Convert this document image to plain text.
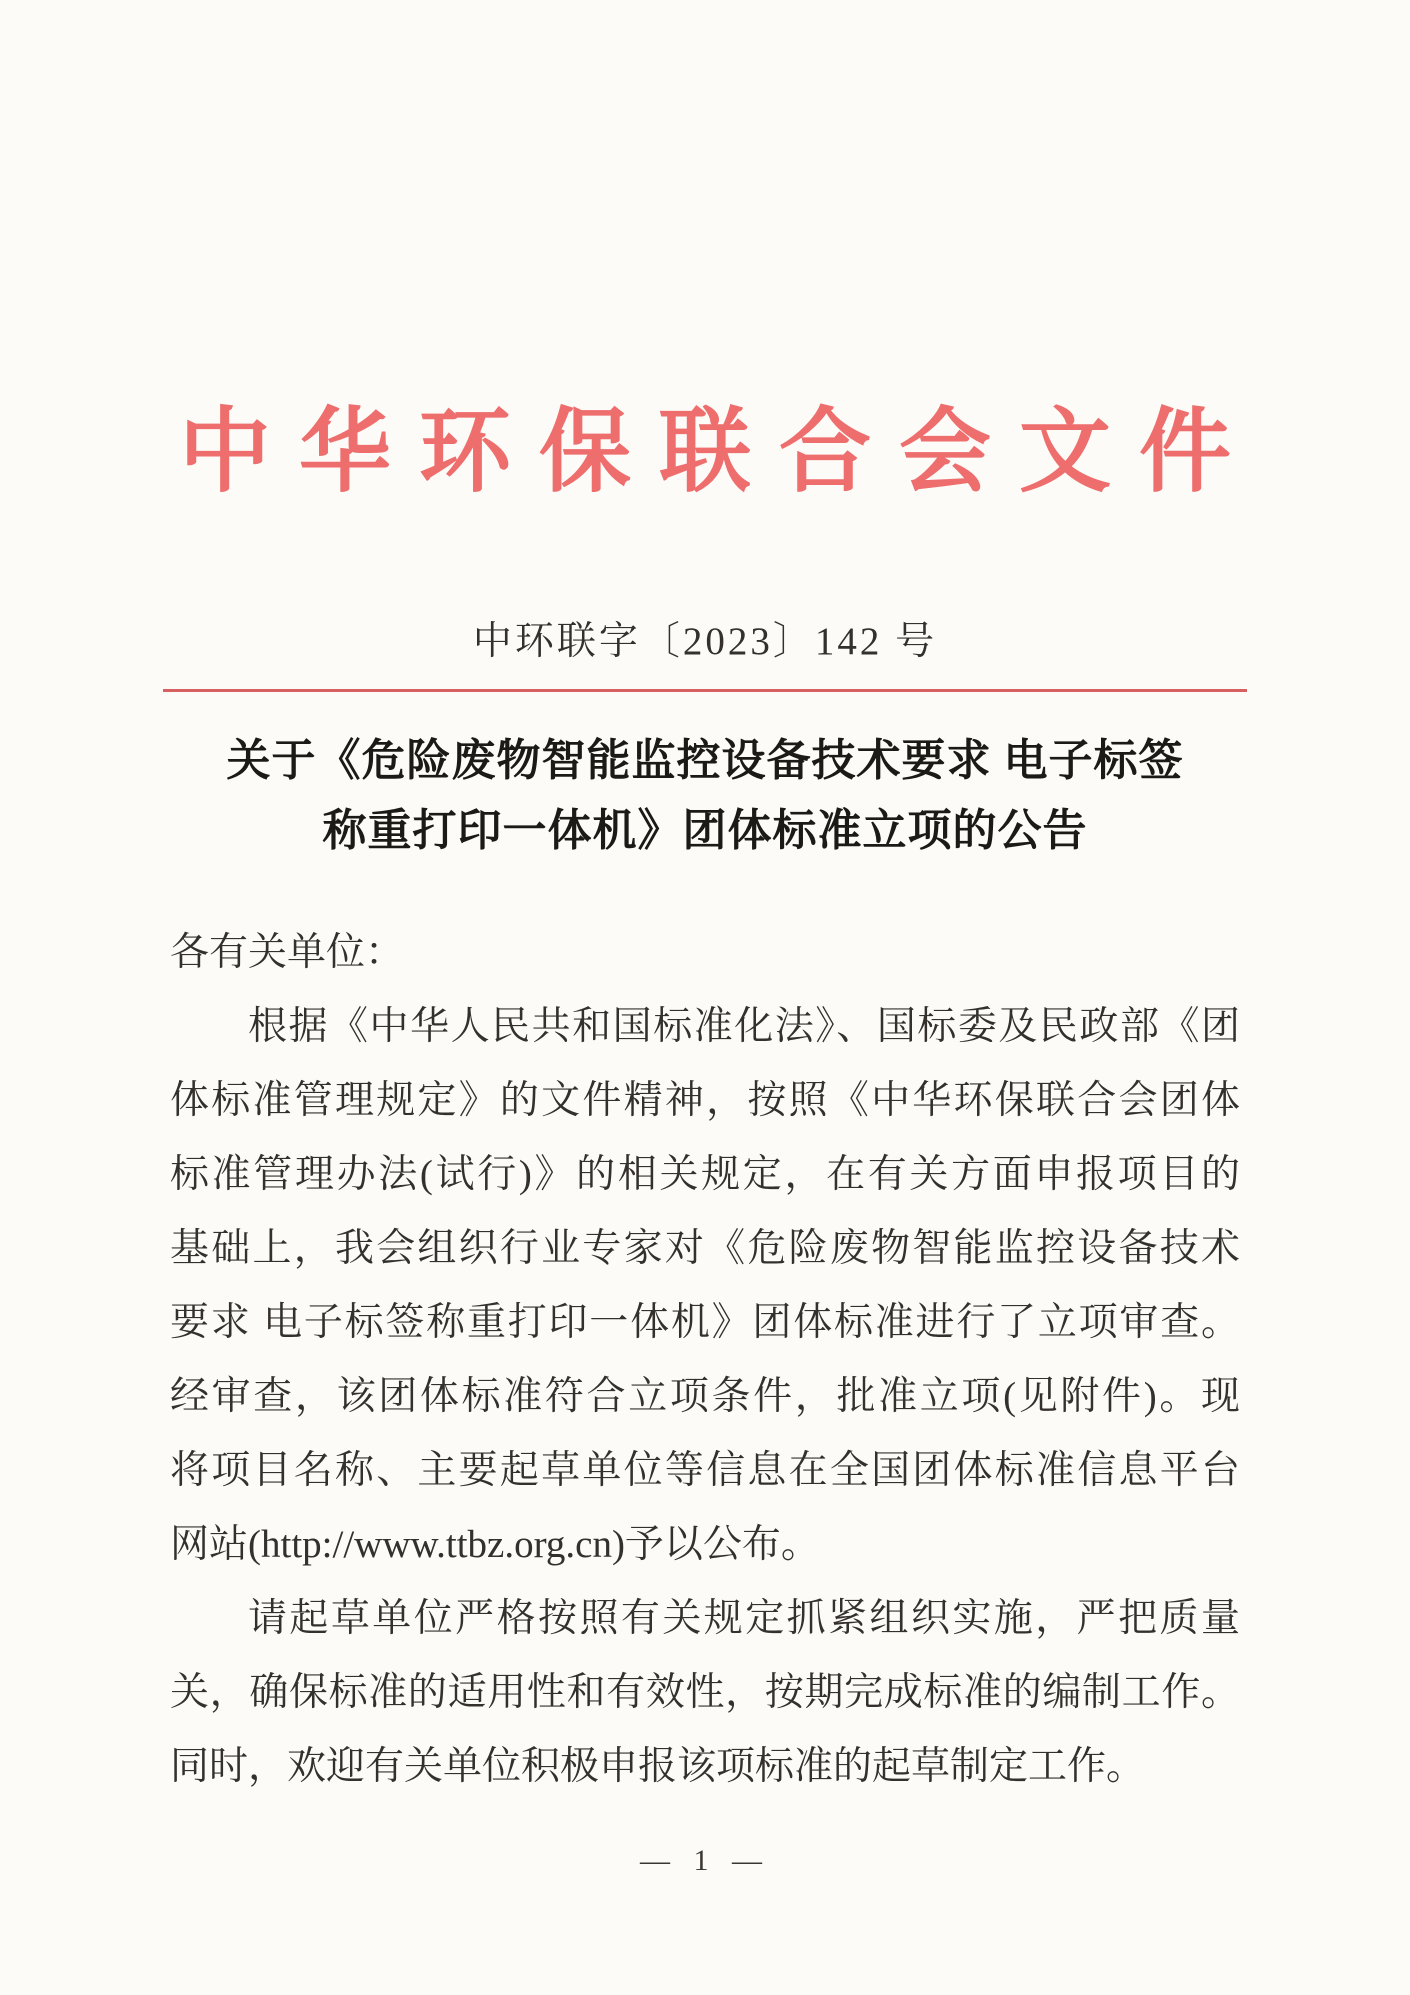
中华环保联合会文件
中环联字〔2023〕142 号
关于《危险废物智能监控设备技术要求 电子标签
称重打印一体机》团体标准立项的公告
各有关单位：
根据《中华人民共和国标准化法》、国标委及民政部《团
体标准管理规定》的文件精神，按照《中华环保联合会团体
标准管理办法(试行)》的相关规定，在有关方面申报项目的
基础上，我会组织行业专家对《危险废物智能监控设备技术
要求 电子标签称重打印一体机》团体标准进行了立项审查。
经审查，该团体标准符合立项条件，批准立项(见附件)。现
将项目名称、主要起草单位等信息在全国团体标准信息平台
网站(http://www.ttbz.org.cn)予以公布。
请起草单位严格按照有关规定抓紧组织实施，严把质量
关，确保标准的适用性和有效性，按期完成标准的编制工作。
同时，欢迎有关单位积极申报该项标准的起草制定工作。
— 1 —
